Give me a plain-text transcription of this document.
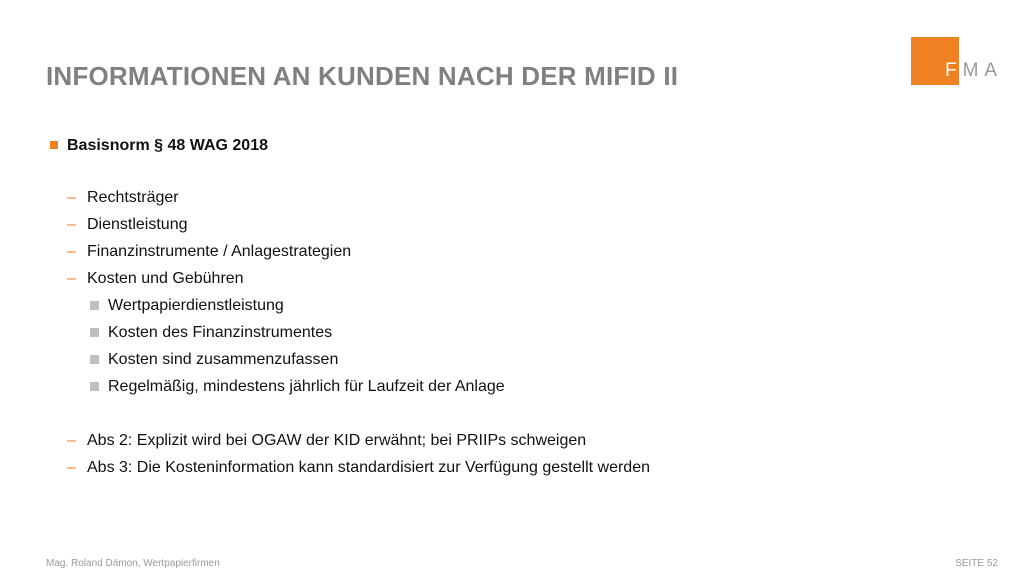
INFORMATIONEN AN KUNDEN NACH DER MIFID II	FMA
Basisnorm § 48 WAG 2018
– Rechtsträger
– Dienstleistung
– Finanzinstrumente / Anlagestrategien
– Kosten und Gebühren
Wertpapierdienstleistung
Kosten des Finanzinstrumentes
Kosten sind zusammenzufassen
Regelmäßig, mindestens jährlich für Laufzeit der Anlage
– Abs 2: Explizit wird bei OGAW der KID erwähnt; bei PRIIPs schweigen
– Abs 3: Die Kosteninformation kann standardisiert zur Verfügung gestellt werden
Mag. Roland Dämon, Wertpapierfirmen	SEITE 52
